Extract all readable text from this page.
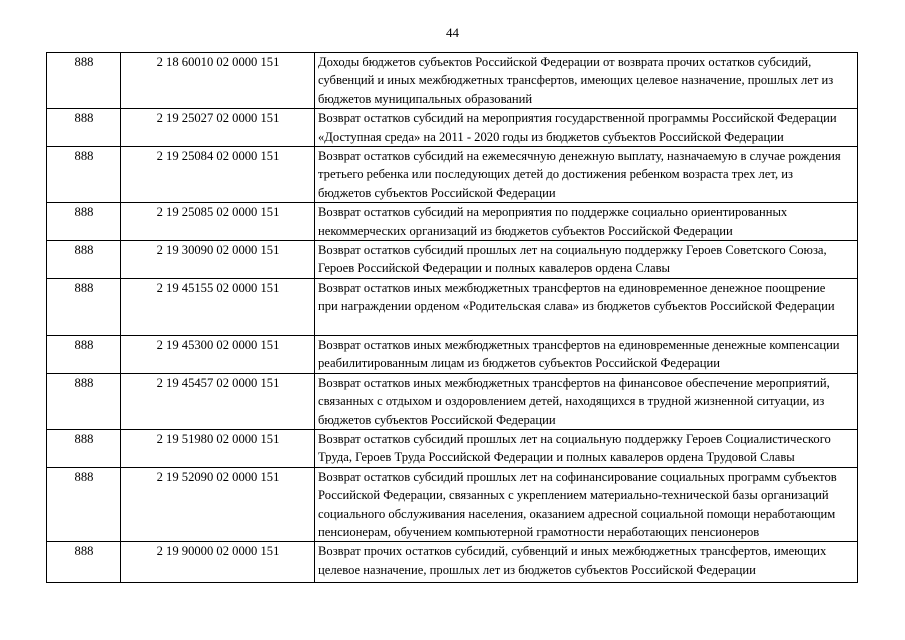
44
888	2 18 60010 02 0000 151	Доходы бюджетов субъектов Российской Федерации от возврата прочих остатков субсидий,
субвенций и иных межбюджетных трансфертов, имеющих целевое назначение, прошлых лет из
бюджетов муниципальных образований

888	2 19 25027 02 0000 151	Возврат остатков субсидий на мероприятия государственной программы Российской Федерации
«Доступная среда» на 2011 - 2020 годы из бюджетов субъектов Российской Федерации

888	2 19 25084 02 0000 151	Возврат остатков субсидий на ежемесячную денежную выплату, назначаемую в случае рождения
третьего ребенка или последующих детей до достижения ребенком возраста трех лет, из
бюджетов субъектов Российской Федерации

888	2 19 25085 02 0000 151	Возврат остатков субсидий на мероприятия по поддержке социально ориентированных
некоммерческих организаций из бюджетов субъектов Российской Федерации

888	2 19 30090 02 0000 151	Возврат остатков субсидий прошлых лет на социальную поддержку Героев Советского Союза,
Героев Российской Федерации и полных кавалеров ордена Славы

888	2 19 45155 02 0000 151	Возврат остатков иных межбюджетных трансфертов на единовременное денежное поощрение
при награждении орденом «Родительская слава» из бюджетов субъектов Российской Федерации

888	2 19 45300 02 0000 151	Возврат остатков иных межбюджетных трансфертов на единовременные денежные компенсации
реабилитированным лицам из бюджетов субъектов Российской Федерации

888	2 19 45457 02 0000 151	Возврат остатков иных межбюджетных трансфертов на финансовое обеспечение мероприятий,
связанных с отдыхом и оздоровлением детей, находящихся в трудной жизненной ситуации, из
бюджетов субъектов Российской Федерации

888	2 19 51980 02 0000 151	Возврат остатков субсидий прошлых лет на социальную поддержку Героев Социалистического
Труда, Героев Труда Российской Федерации и полных кавалеров ордена Трудовой Славы

888	2 19 52090 02 0000 151	Возврат остатков субсидий прошлых лет на софинансирование социальных программ субъектов
Российской Федерации, связанных с укреплением материально-технической базы организаций
социального обслуживания населения, оказанием адресной социальной помощи неработающим
пенсионерам, обучением компьютерной грамотности неработающих пенсионеров

888	2 19 90000 02 0000 151	Возврат прочих остатков субсидий, субвенций и иных межбюджетных трансфертов, имеющих
целевое назначение, прошлых лет из бюджетов субъектов Российской Федерации
